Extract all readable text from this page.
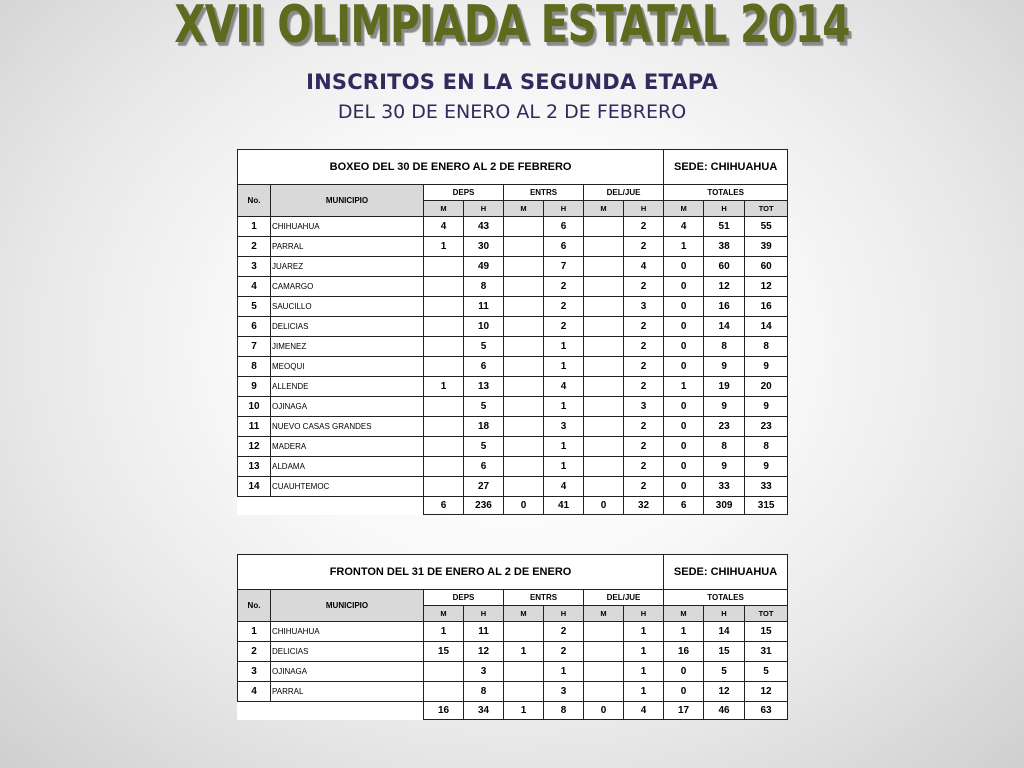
XVII OLIMPIADA ESTATAL 2014
INSCRITOS EN LA SEGUNDA ETAPA
DEL 30 DE ENERO AL 2 DE FEBRERO
BOXEO DEL 30 DE ENERO AL 2 DE FEBRERO								SEDE: CHIHUAHUA		
No.	MUNICIPIO	DEPS		ENTRS		DEL/JUE		TOTALES		
		M	H	M	H	M	H	M	H	TOT
1	CHIHUAHUA	4	43		6		2	4	51	55
2	PARRAL	1	30		6		2	1	38	39
3	JUAREZ		49		7		4	0	60	60
4	CAMARGO		8		2		2	0	12	12
5	SAUCILLO		11		2		3	0	16	16
6	DELICIAS		10		2		2	0	14	14
7	JIMENEZ		5		1		2	0	8	8
8	MEOQUI		6		1		2	0	9	9
9	ALLENDE	1	13		4		2	1	19	20
10	OJINAGA		5		1		3	0	9	9
11	NUEVO CASAS GRANDES		18		3		2	0	23	23
12	MADERA		5		1		2	0	8	8
13	ALDAMA		6		1		2	0	9	9
14	CUAUHTEMOC		27		4		2	0	33	33
		6	236	0	41	0	32	6	309	315
FRONTON DEL 31 DE ENERO AL 2 DE ENERO								SEDE: CHIHUAHUA		
No.	MUNICIPIO	DEPS		ENTRS		DEL/JUE		TOTALES		
		M	H	M	H	M	H	M	H	TOT
1	CHIHUAHUA	1	11		2		1	1	14	15
2	DELICIAS	15	12	1	2		1	16	15	31
3	OJINAGA		3		1		1	0	5	5
4	PARRAL		8		3		1	0	12	12
		16	34	1	8	0	4	17	46	63
